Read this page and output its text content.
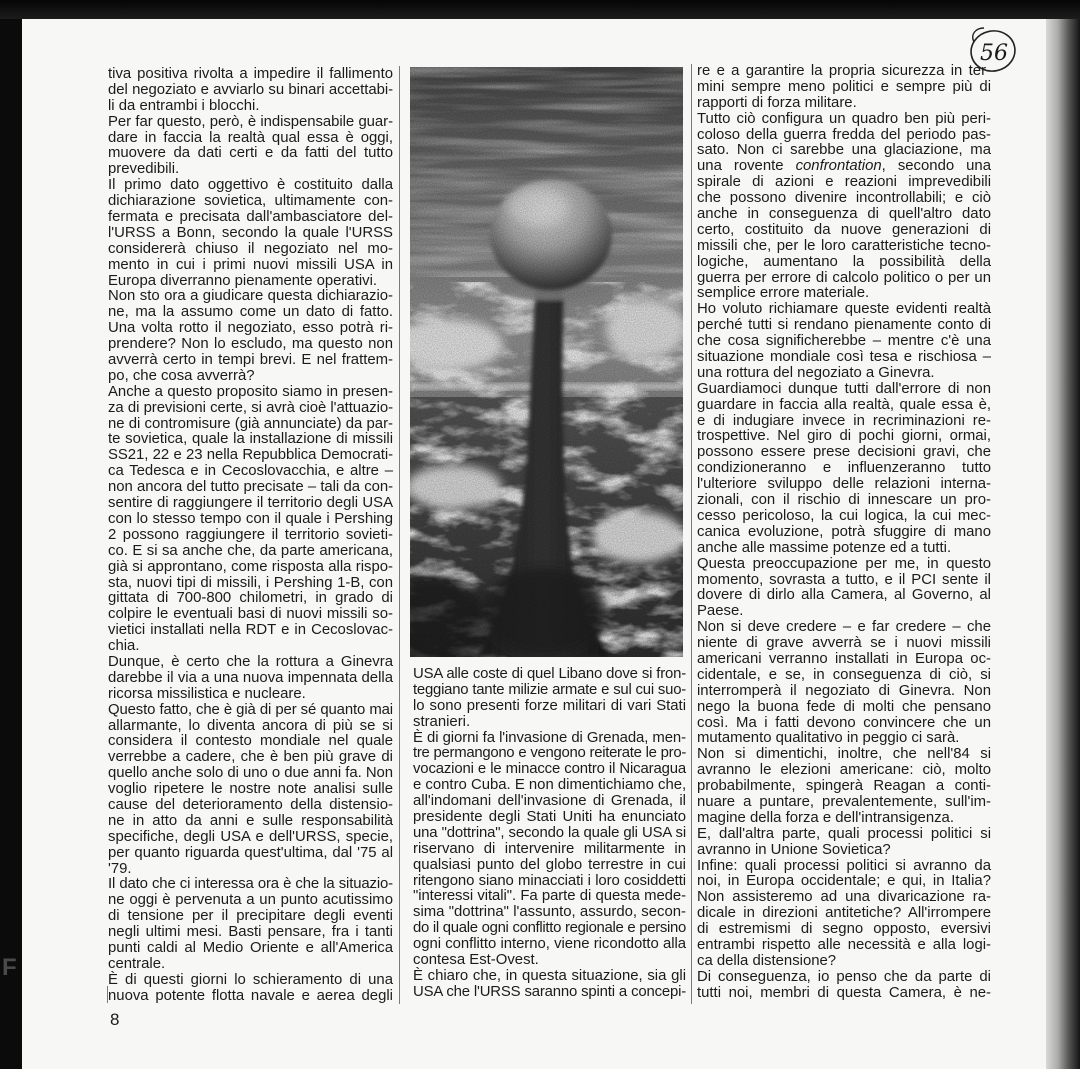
F
56
tiva positiva rivolta a impedire il fallimento
del negoziato e avviarlo su binari accettabi-
li da entrambi i blocchi.
Per far questo, però, è indispensabile guar-
dare in faccia la realtà qual essa è oggi,
muovere da dati certi e da fatti del tutto
prevedibili.
Il primo dato oggettivo è costituito dalla
dichiarazione sovietica, ultimamente con-
fermata e precisata dall'ambasciatore del-
l'URSS a Bonn, secondo la quale l'URSS
considererà chiuso il negoziato nel mo-
mento in cui i primi nuovi missili USA in
Europa diverranno pienamente operativi.
Non sto ora a giudicare questa dichiarazio-
ne, ma la assumo come un dato di fatto.
Una volta rotto il negoziato, esso potrà ri-
prendere? Non lo escludo, ma questo non
avverrà certo in tempi brevi. E nel frattem-
po, che cosa avverrà?
Anche a questo proposito siamo in presen-
za di previsioni certe, si avrà cioè l'attuazio-
ne di contromisure (già annunciate) da par-
te sovietica, quale la installazione di missili
SS21, 22 e 23 nella Repubblica Democrati-
ca Tedesca e in Cecoslovacchia, e altre –
non ancora del tutto precisate – tali da con-
sentire di raggiungere il territorio degli USA
con lo stesso tempo con il quale i Pershing
2 possono raggiungere il territorio sovieti-
co. E si sa anche che, da parte americana,
già si approntano, come risposta alla rispo-
sta, nuovi tipi di missili, i Pershing 1-B, con
gittata di 700-800 chilometri, in grado di
colpire le eventuali basi di nuovi missili so-
vietici installati nella RDT e in Cecoslovac-
chia.
Dunque, è certo che la rottura a Ginevra
darebbe il via a una nuova impennata della
ricorsa missilistica e nucleare.
Questo fatto, che è già di per sé quanto mai
allarmante, lo diventa ancora di più se si
considera il contesto mondiale nel quale
verrebbe a cadere, che è ben più grave di
quello anche solo di uno o due anni fa. Non
voglio ripetere le nostre note analisi sulle
cause del deterioramento della distensio-
ne in atto da anni e sulle responsabilità
specifiche, degli USA e dell'URSS, specie,
per quanto riguarda quest'ultima, dal '75 al
'79.
Il dato che ci interessa ora è che la situazio-
ne oggi è pervenuta a un punto acutissimo
di tensione per il precipitare degli eventi
negli ultimi mesi. Basti pensare, fra i tanti
punti caldi al Medio Oriente e all'America
centrale.
È di questi giorni lo schieramento di una
nuova potente flotta navale e aerea degli
USA alle coste di quel Libano dove si fron-
teggiano tante milizie armate e sul cui suo-
lo sono presenti forze militari di vari Stati
stranieri.
È di giorni fa l'invasione di Grenada, men-
tre permangono e vengono reiterate le pro-
vocazioni e le minacce contro il Nicaragua
e contro Cuba. E non dimentichiamo che,
all'indomani dell'invasione di Grenada, il
presidente degli Stati Uniti ha enunciato
una "dottrina", secondo la quale gli USA si
riservano di intervenire militarmente in
qualsiasi punto del globo terrestre in cui
ritengono siano minacciati i loro cosiddetti
"interessi vitali". Fa parte di questa mede-
sima "dottrina" l'assunto, assurdo, secon-
do il quale ogni conflitto regionale e persino
ogni conflitto interno, viene ricondotto alla
contesa Est-Ovest.
È chiaro che, in questa situazione, sia gli
USA che l'URSS saranno spinti a concepi-
re e a garantire la propria sicurezza in ter-
mini sempre meno politici e sempre più di
rapporti di forza militare.
Tutto ciò configura un quadro ben più peri-
coloso della guerra fredda del periodo pas-
sato. Non ci sarebbe una glaciazione, ma
una rovente confrontation, secondo una
spirale di azioni e reazioni imprevedibili
che possono divenire incontrollabili; e ciò
anche in conseguenza di quell'altro dato
certo, costituito da nuove generazioni di
missili che, per le loro caratteristiche tecno-
logiche, aumentano la possibilità della
guerra per errore di calcolo politico o per un
semplice errore materiale.
Ho voluto richiamare queste evidenti realtà
perché tutti si rendano pienamente conto di
che cosa significherebbe – mentre c'è una
situazione mondiale così tesa e rischiosa –
una rottura del negoziato a Ginevra.
Guardiamoci dunque tutti dall'errore di non
guardare in faccia alla realtà, quale essa è,
e di indugiare invece in recriminazioni re-
trospettive. Nel giro di pochi giorni, ormai,
possono essere prese decisioni gravi, che
condizioneranno e influenzeranno tutto
l'ulteriore sviluppo delle relazioni interna-
zionali, con il rischio di innescare un pro-
cesso pericoloso, la cui logica, la cui mec-
canica evoluzione, potrà sfuggire di mano
anche alle massime potenze ed a tutti.
Questa preoccupazione per me, in questo
momento, sovrasta a tutto, e il PCI sente il
dovere di dirlo alla Camera, al Governo, al
Paese.
Non si deve credere – e far credere – che
niente di grave avverrà se i nuovi missili
americani verranno installati in Europa oc-
cidentale, e se, in conseguenza di ciò, si
interromperà il negoziato di Ginevra. Non
nego la buona fede di molti che pensano
così. Ma i fatti devono convincere che un
mutamento qualitativo in peggio ci sarà.
Non si dimentichi, inoltre, che nell'84 si
avranno le elezioni americane: ciò, molto
probabilmente, spingerà Reagan a conti-
nuare a puntare, prevalentemente, sull'im-
magine della forza e dell'intransigenza.
E, dall'altra parte, quali processi politici si
avranno in Unione Sovietica?
Infine: quali processi politici si avranno da
noi, in Europa occidentale; e qui, in Italia?
Non assisteremo ad una divaricazione ra-
dicale in direzioni antitetiche? All'irrompere
di estremismi di segno opposto, eversivi
entrambi rispetto alle necessità e alla logi-
ca della distensione?
Di conseguenza, io penso che da parte di
tutti noi, membri di questa Camera, è ne-
8
